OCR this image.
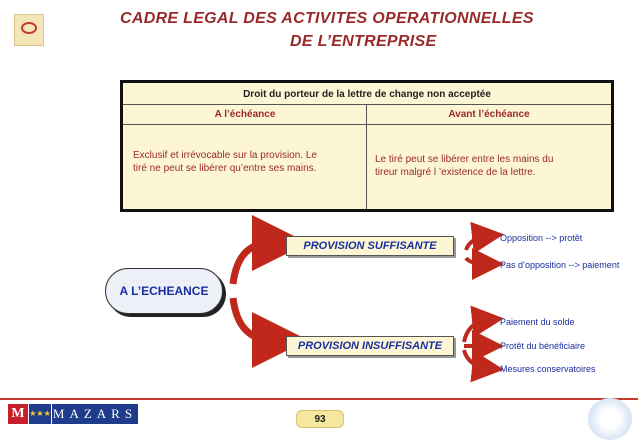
CADRE LEGAL DES ACTIVITES OPERATIONNELLES
DE L’ENTREPRISE
Droit du porteur de la lettre de change non acceptée
A l’échéance	Avant l’échéance
Exclusif et irrévocable sur la provision. Le
tiré ne peut se libérer qu’entre ses mains.
Le tiré peut se libérer entre les mains du
tireur malgré l ’existence de la lettre.
A L’ECHEANCE
PROVISION SUFFISANTE
PROVISION INSUFFISANTE
Opposition --> protêt
Pas d’opposition --> paiement
Paiement du solde
Protêt du bénéficiaire
Mesures conservatoires
M ★★★ MAZARS	93
